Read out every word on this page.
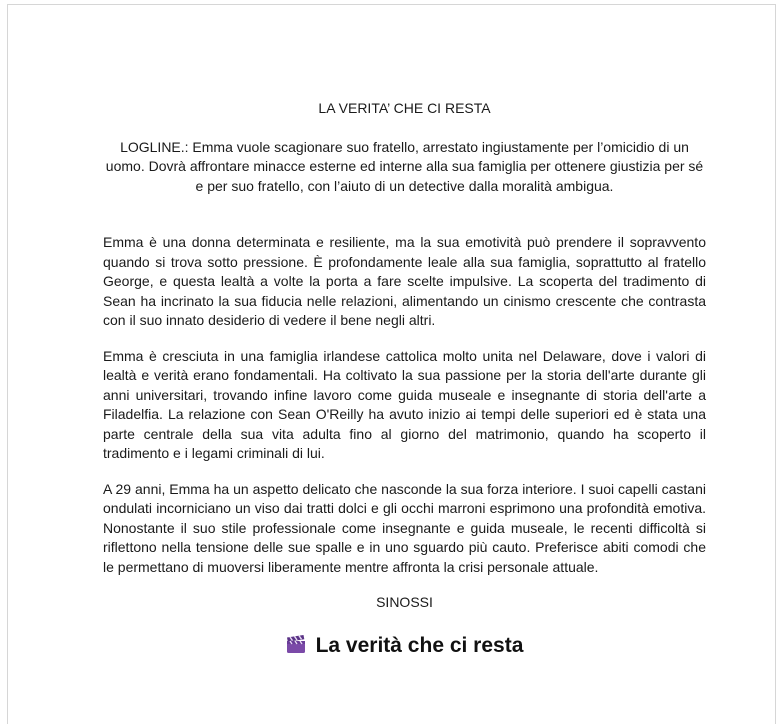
LA VERITA’ CHE CI RESTA

LOGLINE.: Emma vuole scagionare suo fratello, arrestato ingiustamente per l’omicidio di un uomo. Dovrà affrontare minacce esterne ed interne alla sua famiglia per ottenere giustizia per sé e per suo fratello, con l’aiuto di un detective dalla moralità ambigua.

Emma è una donna determinata e resiliente, ma la sua emotività può prendere il sopravvento quando si trova sotto pressione. È profondamente leale alla sua famiglia, soprattutto al fratello George, e questa lealtà a volte la porta a fare scelte impulsive. La scoperta del tradimento di Sean ha incrinato la sua fiducia nelle relazioni, alimentando un cinismo crescente che contrasta con il suo innato desiderio di vedere il bene negli altri.

Emma è cresciuta in una famiglia irlandese cattolica molto unita nel Delaware, dove i valori di lealtà e verità erano fondamentali. Ha coltivato la sua passione per la storia dell'arte durante gli anni universitari, trovando infine lavoro come guida museale e insegnante di storia dell'arte a Filadelfia. La relazione con Sean O'Reilly ha avuto inizio ai tempi delle superiori ed è stata una parte centrale della sua vita adulta fino al giorno del matrimonio, quando ha scoperto il tradimento e i legami criminali di lui.

A 29 anni, Emma ha un aspetto delicato che nasconde la sua forza interiore. I suoi capelli castani ondulati incorniciano un viso dai tratti dolci e gli occhi marroni esprimono una profondità emotiva. Nonostante il suo stile professionale come insegnante e guida museale, le recenti difficoltà si riflettono nella tensione delle sue spalle e in uno sguardo più cauto. Preferisce abiti comodi che le permettano di muoversi liberamente mentre affronta la crisi personale attuale.

SINOSSI

La verità che ci resta
